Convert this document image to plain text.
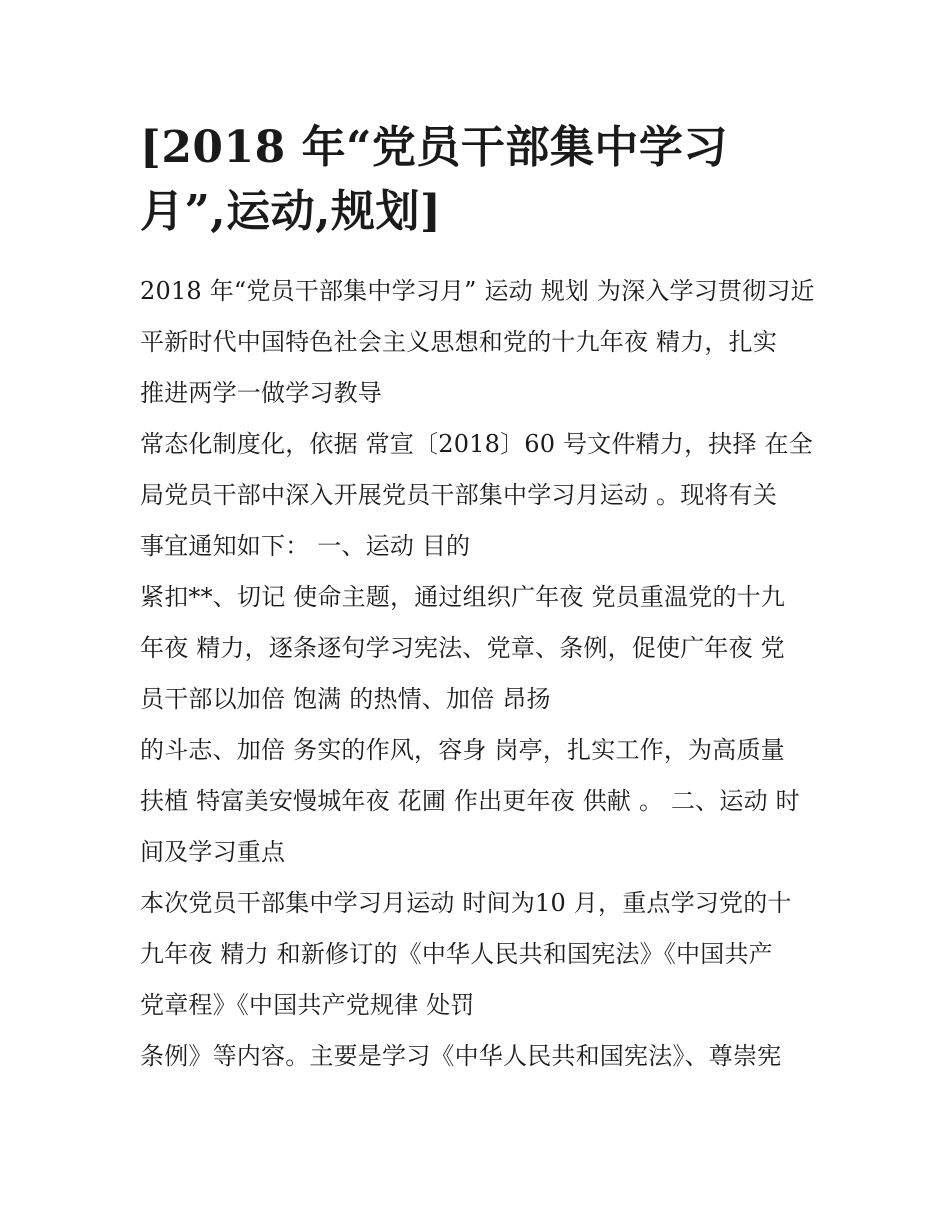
[2018 年“党员干部集中学习
月”,运动,规划]
2018 年“党员干部集中学习月” 运动 规划 为深入学习贯彻习近
平新时代中国特色社会主义思想和党的十九年夜 精力，扎实
推进两学一做学习教导
常态化制度化，依据 常宣〔2018〕60 号文件精力，抉择 在全
局党员干部中深入开展党员干部集中学习月运动 。现将有关
事宜通知如下： 一、运动 目的
紧扣**、切记 使命主题，通过组织广年夜 党员重温党的十九
年夜 精力，逐条逐句学习宪法、党章、条例，促使广年夜 党
员干部以加倍 饱满 的热情、加倍 昂扬
的斗志、加倍 务实的作风，容身 岗亭，扎实工作，为高质量
扶植 特富美安慢城年夜 花圃 作出更年夜 供献 。 二、运动 时
间及学习重点
本次党员干部集中学习月运动 时间为10 月，重点学习党的十
九年夜 精力 和新修订的《中华人民共和国宪法》《中国共产
党章程》《中国共产党规律 处罚
条例》等内容。主要是学习《中华人民共和国宪法》、尊崇宪
